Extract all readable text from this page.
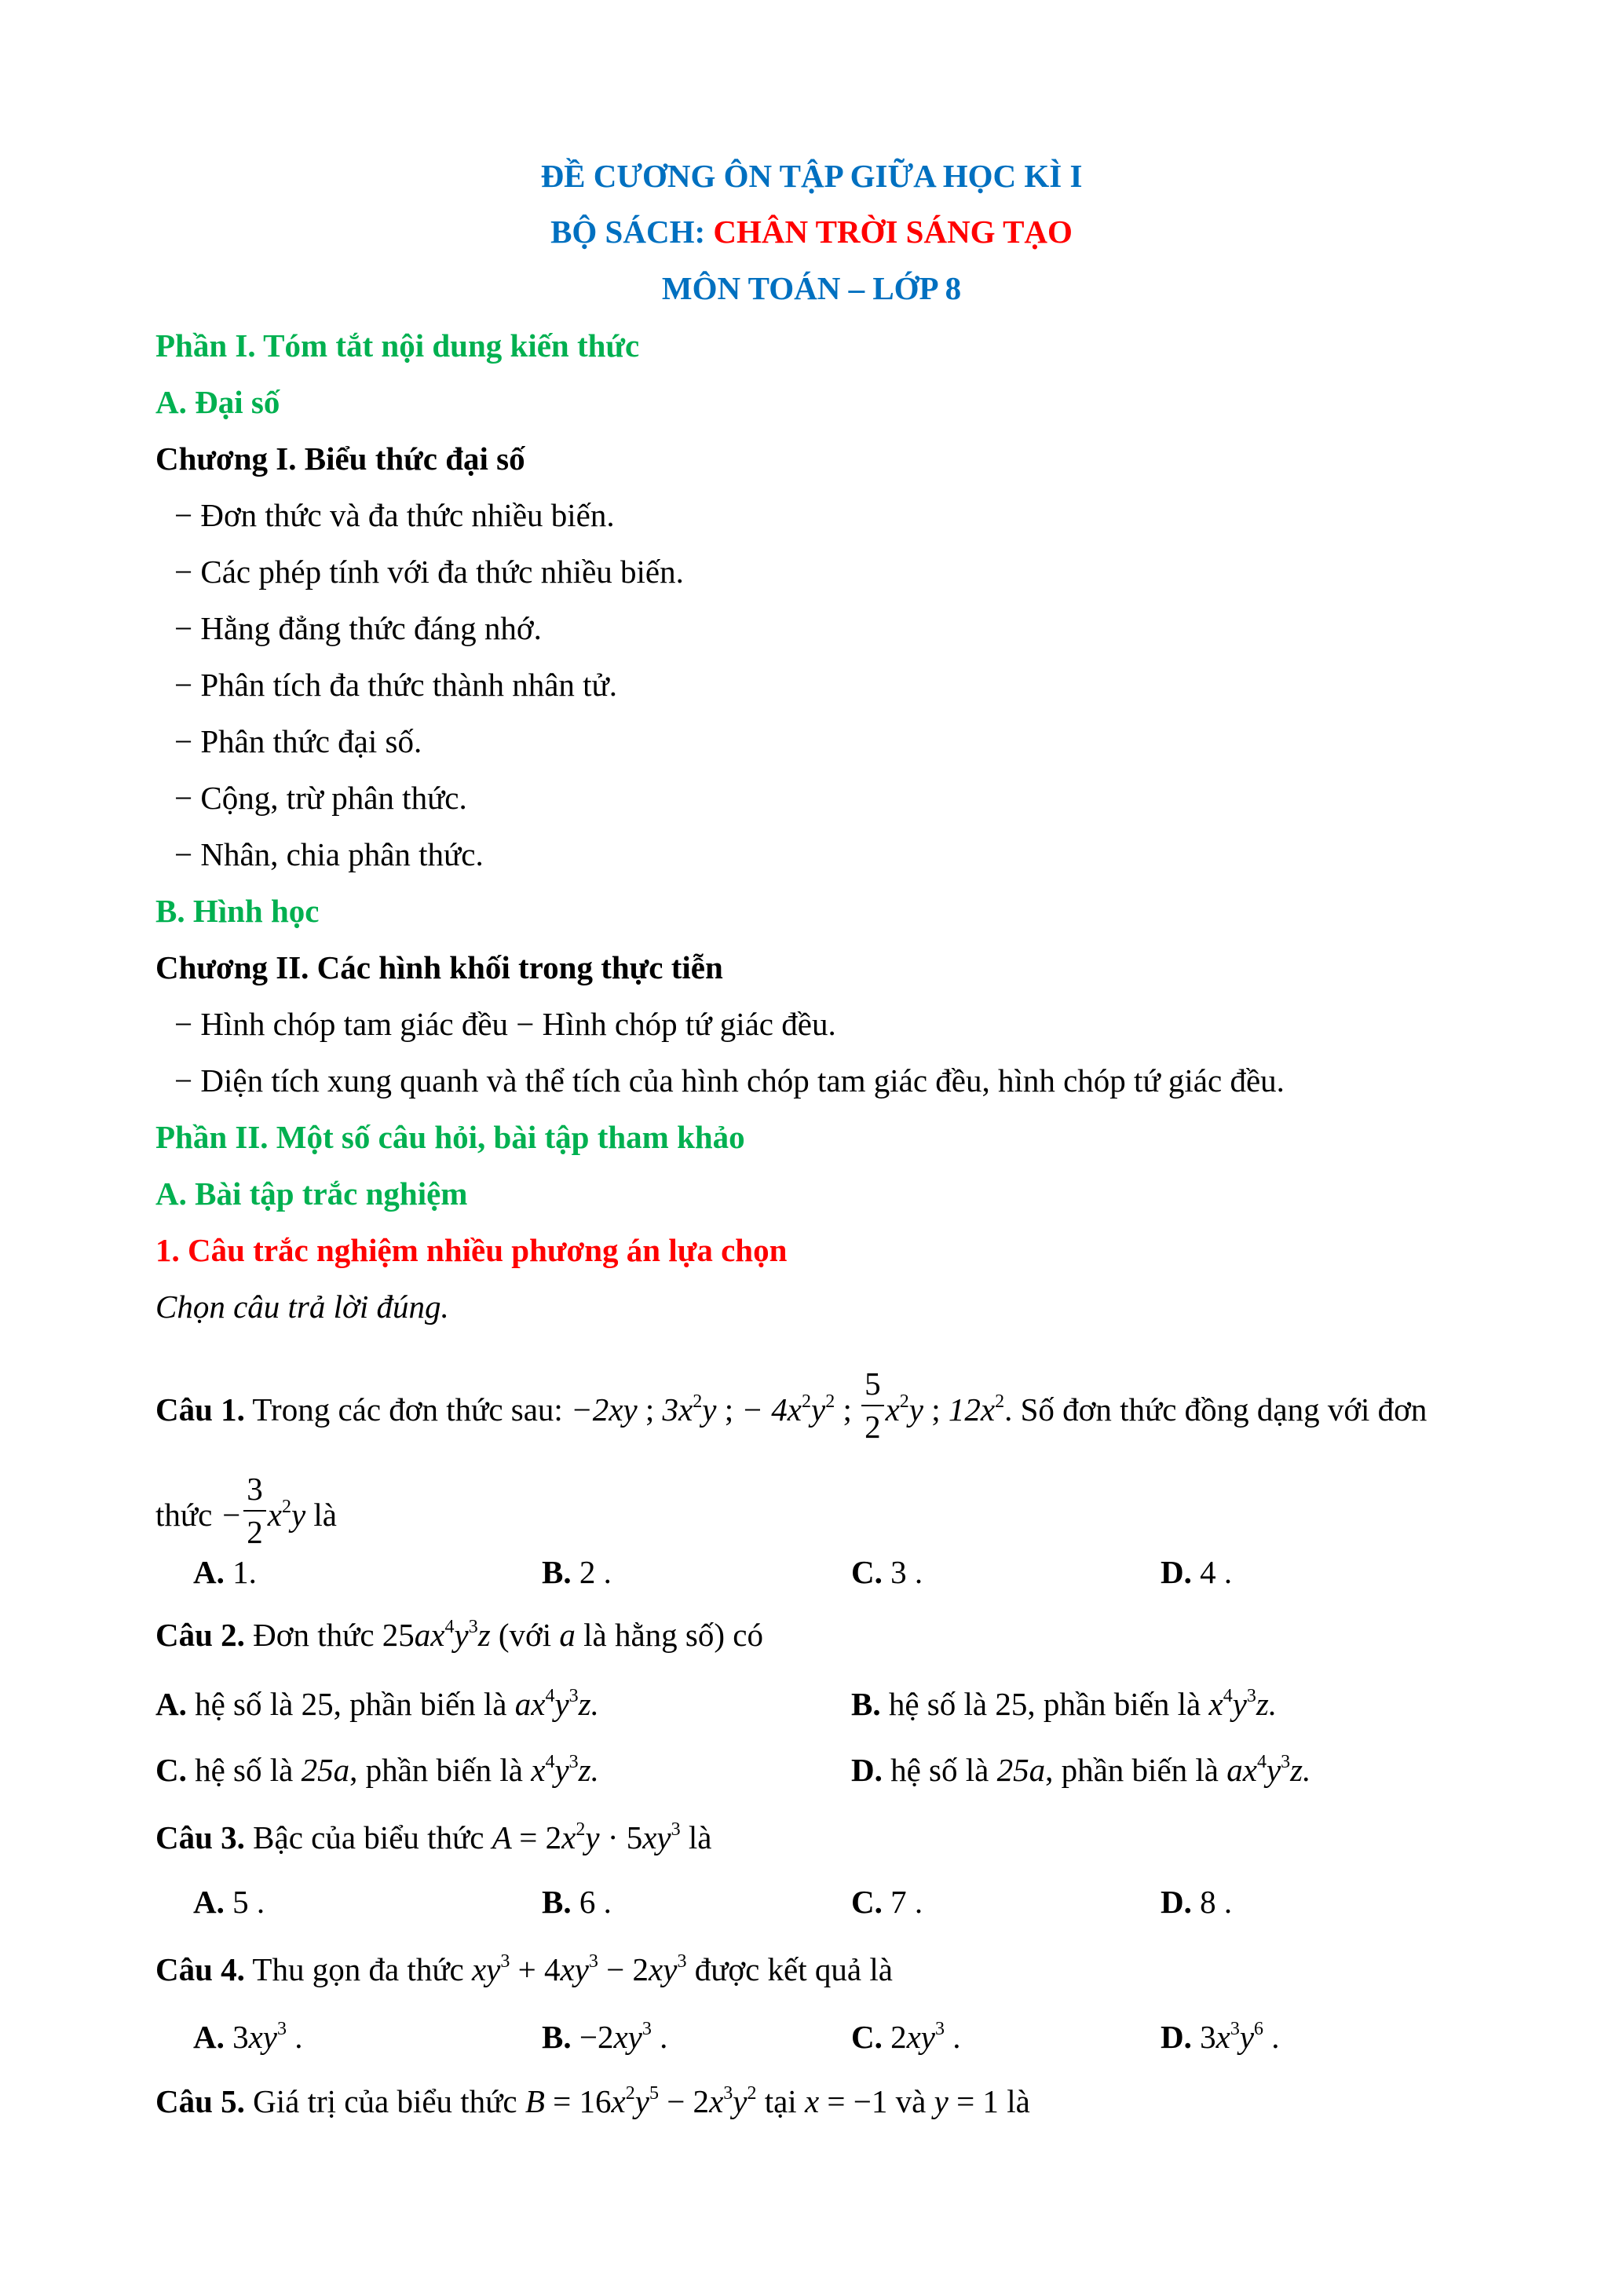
ĐỀ CƯƠNG ÔN TẬP GIỮA HỌC KÌ I
BỘ SÁCH: CHÂN TRỜI SÁNG TẠO
MÔN TOÁN – LỚP 8
Phần I. Tóm tắt nội dung kiến thức
A. Đại số
Chương I. Biểu thức đại số
− Đơn thức và đa thức nhiều biến.
− Các phép tính với đa thức nhiều biến.
− Hằng đẳng thức đáng nhớ.
− Phân tích đa thức thành nhân tử.
− Phân thức đại số.
− Cộng, trừ phân thức.
− Nhân, chia phân thức.
B. Hình học
Chương II. Các hình khối trong thực tiễn
− Hình chóp tam giác đều − Hình chóp tứ giác đều.
− Diện tích xung quanh và thể tích của hình chóp tam giác đều, hình chóp tứ giác đều.
Phần II. Một số câu hỏi, bài tập tham khảo
A. Bài tập trắc nghiệm
1. Câu trắc nghiệm nhiều phương án lựa chọn
Chọn câu trả lời đúng.
Câu 1. Trong các đơn thức sau: −2xy ; $3x^2y$ ; − $4x^2y^2$ ; $\frac{5}{2} x^2y$ ; $12x^2$. Số đơn thức đồng dạng với đơn
thức − $\frac{3}{2} x^2y$ là
A. 1.	B. 2 .	C. 3 .	D. 4 .
Câu 2. Đơn thức $25ax^4y^3z$ (với a là hằng số) có
A. hệ số là 25, phần biến là $ax^4y^3z$.	B. hệ số là 25, phần biến là $x^4y^3z$.
C. hệ số là 25a, phần biến là $x^4y^3z$.	D. hệ số là 25a, phần biến là $ax^4y^3z$.
Câu 3. Bậc của biểu thức $A = 2x^2y \cdot 5xy^3$ là
A. 5 .	B. 6 .	C. 7 .	D. 8 .
Câu 4. Thu gọn đa thức $xy^3 + 4xy^3 - 2xy^3$ được kết quả là
A. $3xy^3$ .	B. $-2xy^3$ .	C. $2xy^3$ .	D. $3x^3y^6$ .
Câu 5. Giá trị của biểu thức $B = 16x^2y^5 - 2x^3y^2$ tại x = −1 và y = 1 là
